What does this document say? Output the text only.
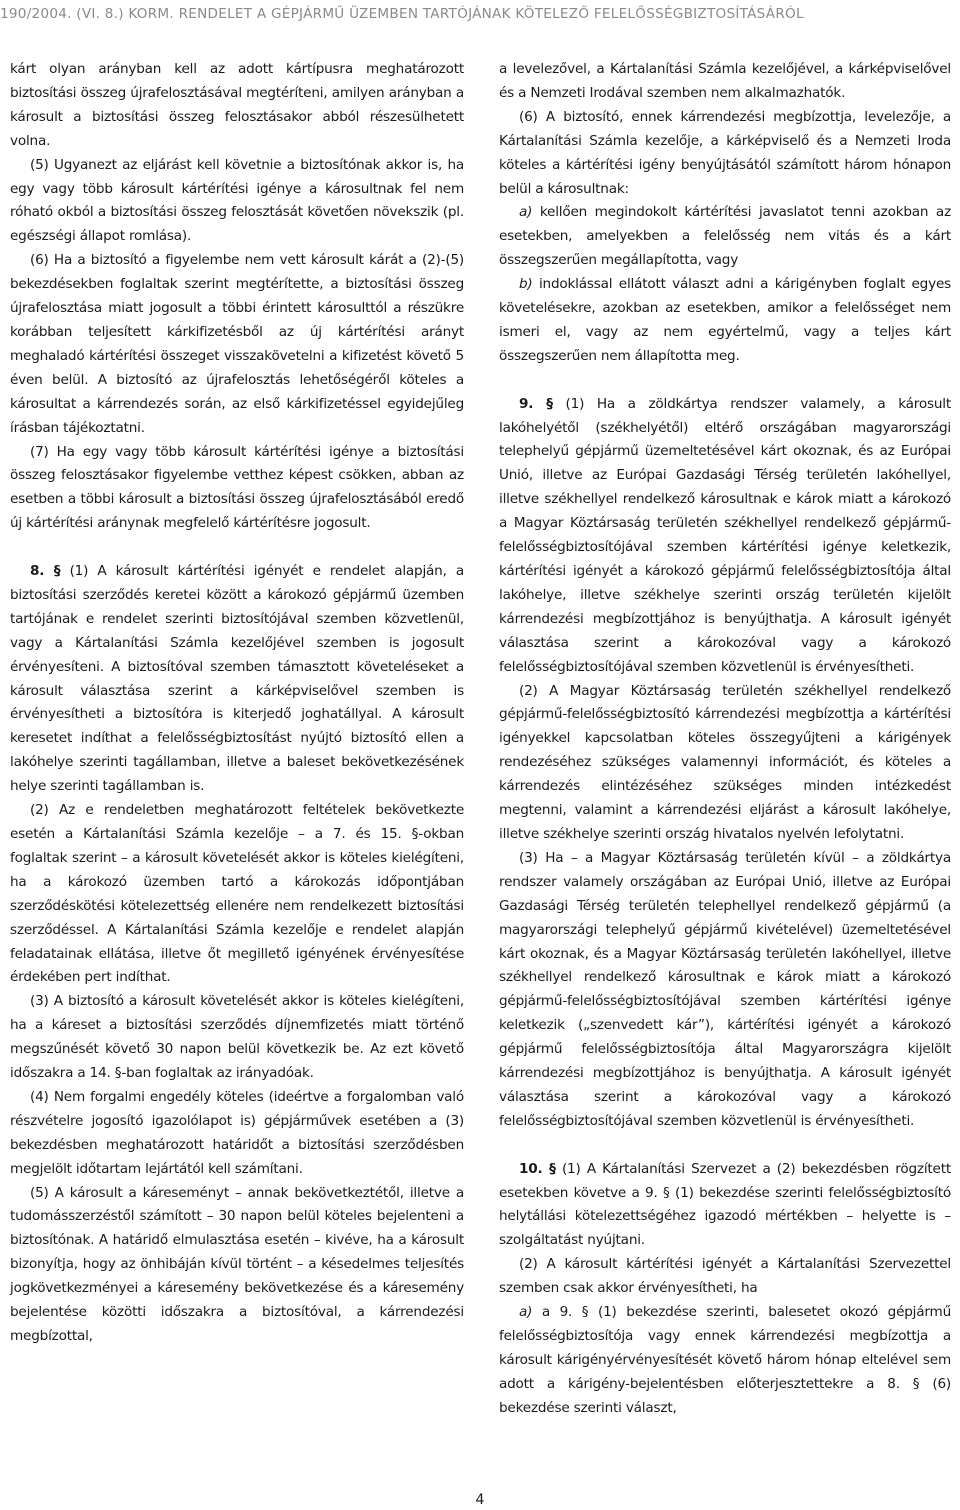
190/2004. (VI. 8.) KORM. RENDELET A GÉPJÁRMŰ ÜZEMBEN TARTÓJÁNAK KÖTELEZŐ FELELŐSSÉGBIZTOSÍTÁSÁRÓL

kárt olyan arányban kell az adott kártípusra meghatározott biztosítási összeg újrafelosztásával megtéríteni, amilyen arányban a károsult a biztosítási összeg felosztásakor abból részesülhetett volna.

(5) Ugyanezt az eljárást kell követnie a biztosítónak akkor is, ha egy vagy több károsult kártérítési igénye a károsultnak fel nem róható okból a biztosítási összeg felosztását követően növekszik (pl. egészségi állapot romlása).

(6) Ha a biztosító a figyelembe nem vett károsult kárát a (2)-(5) bekezdésekben foglaltak szerint megtérítette, a biztosítási összeg újrafelosztása miatt jogosult a többi érintett károsulttól a részükre korábban teljesített kárkifizetésből az új kártérítési arányt meghaladó kártérítési összeget visszakövetelni a kifizetést követő 5 éven belül. A biztosító az újrafelosztás lehetőségéről köteles a károsultat a kárrendezés során, az első kárkifizetéssel egyidejűleg írásban tájékoztatni.

(7) Ha egy vagy több károsult kártérítési igénye a biztosítási összeg felosztásakor figyelembe vetthez képest csökken, abban az esetben a többi károsult a biztosítási összeg újrafelosztásából eredő új kártérítési aránynak megfelelő kártérítésre jogosult.

8. § (1) A károsult kártérítési igényét e rendelet alapján, a biztosítási szerződés keretei között a károkozó gépjármű üzemben tartójának e rendelet szerinti biztosítójával szemben közvetlenül, vagy a Kártalanítási Számla kezelőjével szemben is jogosult érvényesíteni. A biztosítóval szemben támasztott követeléseket a károsult választása szerint a kárképviselővel szemben is érvényesítheti a biztosítóra is kiterjedő joghatállyal. A károsult keresetet indíthat a felelősségbiztosítást nyújtó biztosító ellen a lakóhelye szerinti tagállamban, illetve a baleset bekövetkezésének helye szerinti tagállamban is.

(2) Az e rendeletben meghatározott feltételek bekövetkezte esetén a Kártalanítási Számla kezelője – a 7. és 15. §-okban foglaltak szerint – a károsult követelését akkor is köteles kielégíteni, ha a károkozó üzemben tartó a károkozás időpontjában szerződéskötési kötelezettség ellenére nem rendelkezett biztosítási szerződéssel. A Kártalanítási Számla kezelője e rendelet alapján feladatainak ellátása, illetve őt megillető igényének érvényesítése érdekében pert indíthat.

(3) A biztosító a károsult követelését akkor is köteles kielégíteni, ha a káreset a biztosítási szerződés díjnemfizetés miatt történő megszűnését követő 30 napon belül következik be. Az ezt követő időszakra a 14. §-ban foglaltak az irányadóak.

(4) Nem forgalmi engedély köteles (ideértve a forgalomban való részvételre jogosító igazolólapot is) gépjárművek esetében a (3) bekezdésben meghatározott határidőt a biztosítási szerződésben megjelölt időtartam lejártától kell számítani.

(5) A károsult a káreseményt – annak bekövetkeztétől, illetve a tudomásszerzéstől számított – 30 napon belül köteles bejelenteni a biztosítónak. A határidő elmulasztása esetén – kivéve, ha a károsult bizonyítja, hogy az önhibáján kívül történt – a késedelmes teljesítés jogkövetkezményei a káresemény bekövetkezése és a káresemény bejelentése közötti időszakra a biztosítóval, a kárrendezési megbízottal,

a levelezővel, a Kártalanítási Számla kezelőjével, a kárképviselővel és a Nemzeti Irodával szemben nem alkalmazhatók.

(6) A biztosító, ennek kárrendezési megbízottja, levelezője, a Kártalanítási Számla kezelője, a kárképviselő és a Nemzeti Iroda köteles a kártérítési igény benyújtásától számított három hónapon belül a károsultnak:

a) kellően megindokolt kártérítési javaslatot tenni azokban az esetekben, amelyekben a felelősség nem vitás és a kárt összegszerűen megállapította, vagy

b) indoklással ellátott választ adni a kárigényben foglalt egyes követelésekre, azokban az esetekben, amikor a felelősséget nem ismeri el, vagy az nem egyértelmű, vagy a teljes kárt összegszerűen nem állapította meg.

9. § (1) Ha a zöldkártya rendszer valamely, a károsult lakóhelyétől (székhelyétől) eltérő országában magyarországi telephelyű gépjármű üzemeltetésével kárt okoznak, és az Európai Unió, illetve az Európai Gazdasági Térség területén lakóhellyel, illetve székhellyel rendelkező károsultnak e károk miatt a károkozó a Magyar Köztársaság területén székhellyel rendelkező gépjármű-felelősségbiztosítójával szemben kártérítési igénye keletkezik, kártérítési igényét a károkozó gépjármű felelősségbiztosítója által lakóhelye, illetve székhelye szerinti ország területén kijelölt kárrendezési megbízottjához is benyújthatja. A károsult igényét választása szerint a károkozóval vagy a károkozó felelősségbiztosítójával szemben közvetlenül is érvényesítheti.

(2) A Magyar Köztársaság területén székhellyel rendelkező gépjármű-felelősségbiztosító kárrendezési megbízottja a kártérítési igényekkel kapcsolatban köteles összegyűjteni a kárigények rendezéséhez szükséges valamennyi információt, és köteles a kárrendezés elintézéséhez szükséges minden intézkedést megtenni, valamint a kárrendezési eljárást a károsult lakóhelye, illetve székhelye szerinti ország hivatalos nyelvén lefolytatni.

(3) Ha – a Magyar Köztársaság területén kívül – a zöldkártya rendszer valamely országában az Európai Unió, illetve az Európai Gazdasági Térség területén telephellyel rendelkező gépjármű (a magyarországi telephelyű gépjármű kivételével) üzemeltetésével kárt okoznak, és a Magyar Köztársaság területén lakóhellyel, illetve székhellyel rendelkező károsultnak e károk miatt a károkozó gépjármű-felelősségbiztosítójával szemben kártérítési igénye keletkezik („szenvedett kár”), kártérítési igényét a károkozó gépjármű felelősségbiztosítója által Magyarországra kijelölt kárrendezési megbízottjához is benyújthatja. A károsult igényét választása szerint a károkozóval vagy a károkozó felelősségbiztosítójával szemben közvetlenül is érvényesítheti.

10. § (1) A Kártalanítási Szervezet a (2) bekezdésben rögzített esetekben követve a 9. § (1) bekezdése szerinti felelősségbiztosító helytállási kötelezettségéhez igazodó mértékben – helyette is – szolgáltatást nyújtani.

(2) A károsult kártérítési igényét a Kártalanítási Szervezettel szemben csak akkor érvényesítheti, ha

a) a 9. § (1) bekezdése szerinti, balesetet okozó gépjármű felelősségbiztosítója vagy ennek kárrendezési megbízottja a károsult kárigényérvényesítését követő három hónap eltelével sem adott a kárigény-bejelentésben előterjesztettekre a 8. § (6) bekezdése szerinti választ,

4
